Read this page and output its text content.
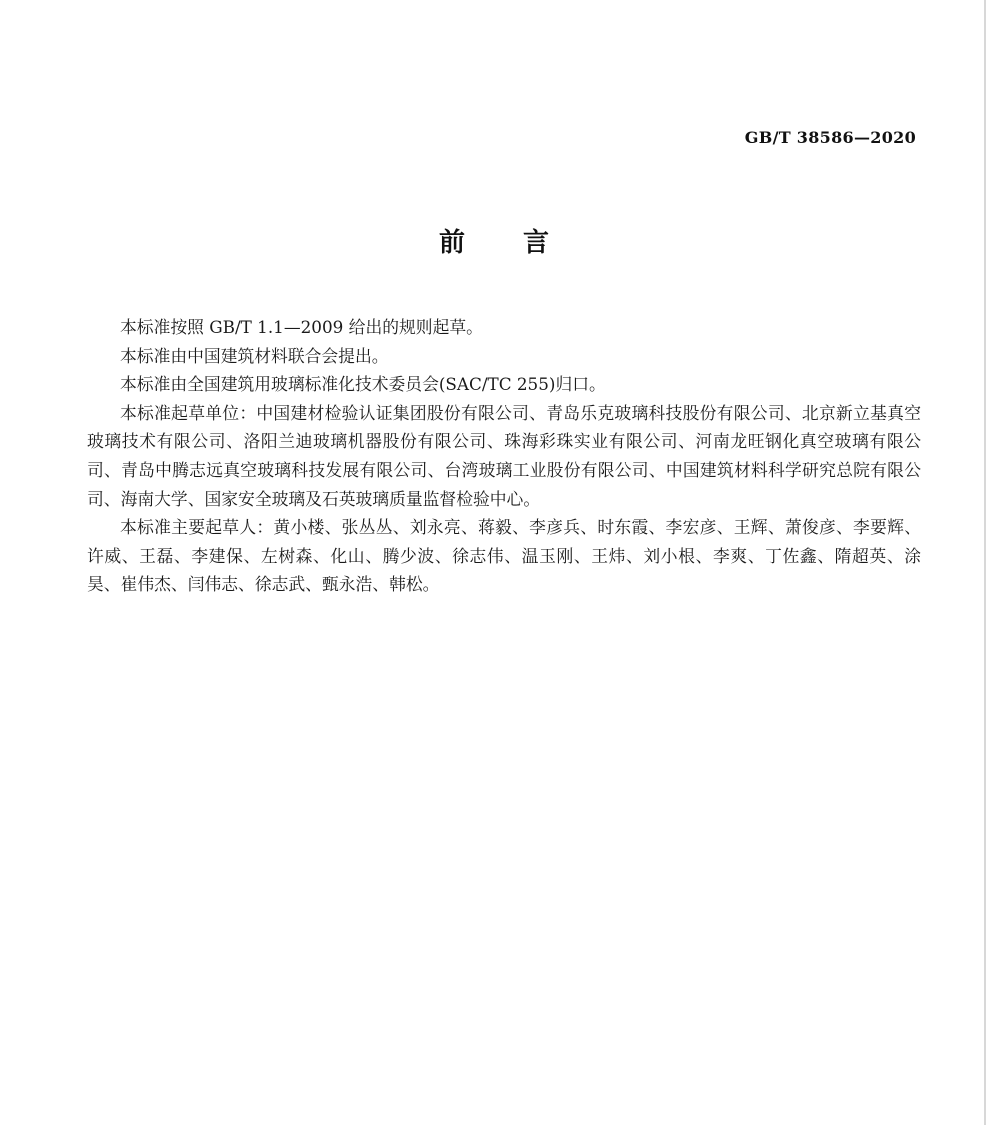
GB/T 38586—2020
前言

本标准按照 GB/T 1.1—2009 给出的规则起草。

本标准由中国建筑材料联合会提出。

本标准由全国建筑用玻璃标准化技术委员会(SAC/TC 255)归口。

本标准起草单位：中国建材检验认证集团股份有限公司、青岛乐克玻璃科技股份有限公司、北京新立基真空玻璃技术有限公司、洛阳兰迪玻璃机器股份有限公司、珠海彩珠实业有限公司、河南龙旺钢化真空玻璃有限公司、青岛中腾志远真空玻璃科技发展有限公司、台湾玻璃工业股份有限公司、中国建筑材料科学研究总院有限公司、海南大学、国家安全玻璃及石英玻璃质量监督检验中心。

本标准主要起草人：黄小楼、张丛丛、刘永亮、蒋毅、李彦兵、时东霞、李宏彦、王辉、萧俊彦、李要辉、许威、王磊、李建保、左树森、化山、腾少波、徐志伟、温玉刚、王炜、刘小根、李爽、丁佐鑫、隋超英、涂昊、崔伟杰、闫伟志、徐志武、甄永浩、韩松。
